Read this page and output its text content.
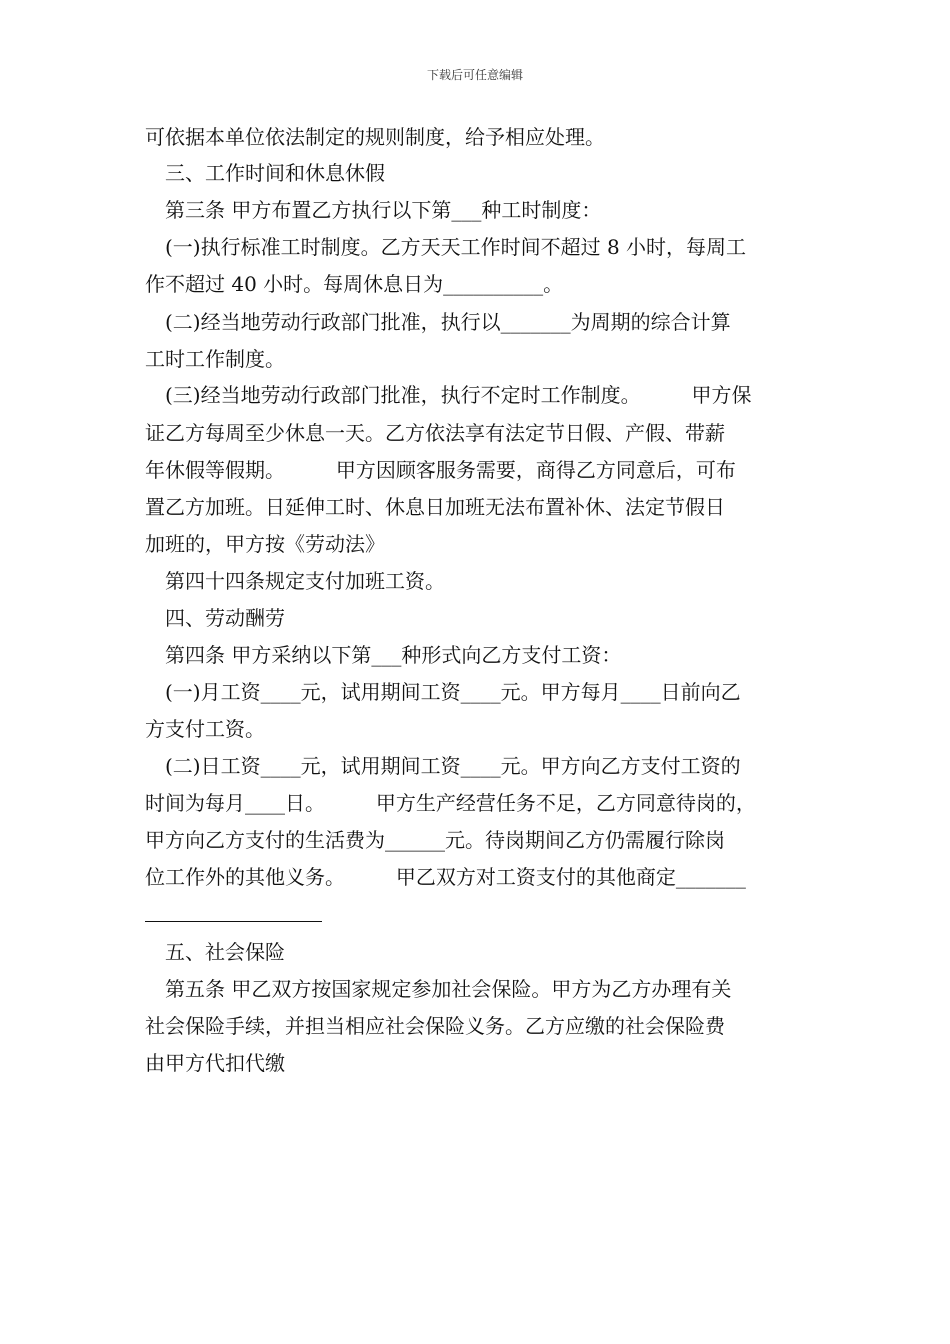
下载后可任意编辑
可依据本单位依法制定的规则制度，给予相应处理。
三、工作时间和休息休假
第三条 甲方布置乙方执行以下第___种工时制度：
(一)执行标准工时制度。乙方天天工作时间不超过 8 小时，每周工
作不超过 40 小时。每周休息日为__________。
(二)经当地劳动行政部门批准，执行以_______为周期的综合计算
工时工作制度。
(三)经当地劳动行政部门批准，执行不定时工作制度。        甲方保
证乙方每周至少休息一天。乙方依法享有法定节日假、产假、带薪
年休假等假期。        甲方因顾客服务需要，商得乙方同意后，可布
置乙方加班。日延伸工时、休息日加班无法布置补休、法定节假日
加班的，甲方按《劳动法》
第四十四条规定支付加班工资。
四、劳动酬劳
第四条 甲方采纳以下第___种形式向乙方支付工资：
(一)月工资____元，试用期间工资____元。甲方每月____日前向乙
方支付工资。
(二)日工资____元，试用期间工资____元。甲方向乙方支付工资的
时间为每月____日。        甲方生产经营任务不足，乙方同意待岗的，
甲方向乙方支付的生活费为______元。待岗期间乙方仍需履行除岗
位工作外的其他义务。        甲乙双方对工资支付的其他商定_______
五、社会保险
第五条 甲乙双方按国家规定参加社会保险。甲方为乙方办理有关
社会保险手续，并担当相应社会保险义务。乙方应缴的社会保险费
由甲方代扣代缴
